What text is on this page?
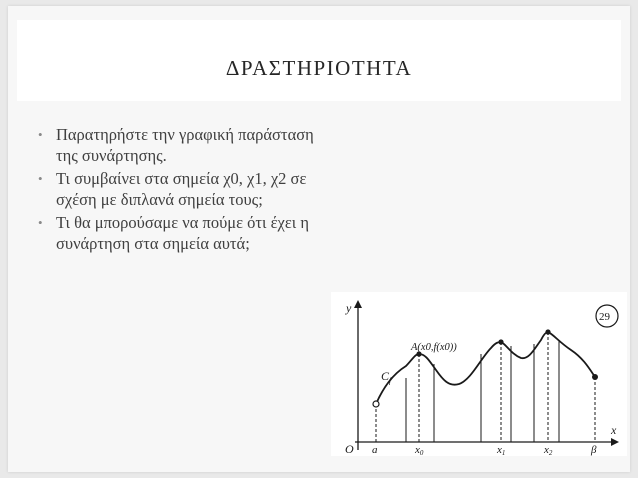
ΔΡΑΣΤΗΡΙΟΤΗΤΑ
• Παρατηρήστε την γραφική παράσταση της συνάρτησης.
• Τι συμβαίνει στα σημεία χ0, χ1, χ2 σε σχέση με διπλανά σημεία τους;
• Τι θα μπορούσαμε να πούμε ότι έχει η συνάρτηση στα σημεία αυτά;
y
x
O
29
$C_f$
A(x0,f(x0))
a	x0	x1	x2	β
